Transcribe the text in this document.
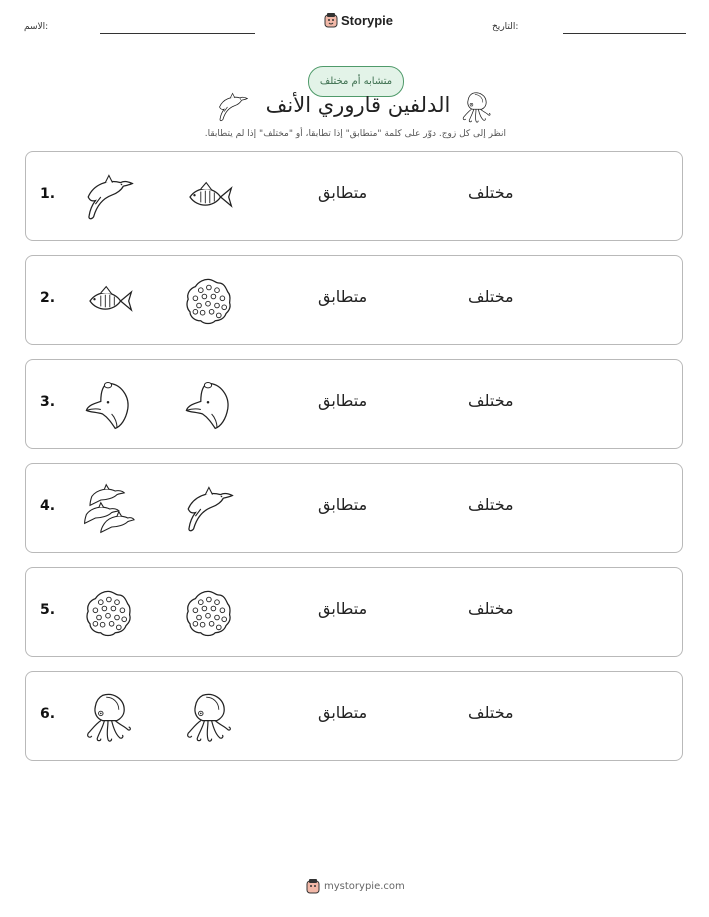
الاسم:	Storypie	التاريخ:
متشابه أم مختلف
الدلفين قاروري الأنف
انظر إلى كل زوج. دوّر على كلمة "متطابق" إذا تطابقا، أو "مختلف" إذا لم يتطابقا.
1.	متطابق	مختلف
2.	متطابق	مختلف
3.	متطابق	مختلف
4.	متطابق	مختلف
5.	متطابق	مختلف
6.	متطابق	مختلف
mystorypie.com
